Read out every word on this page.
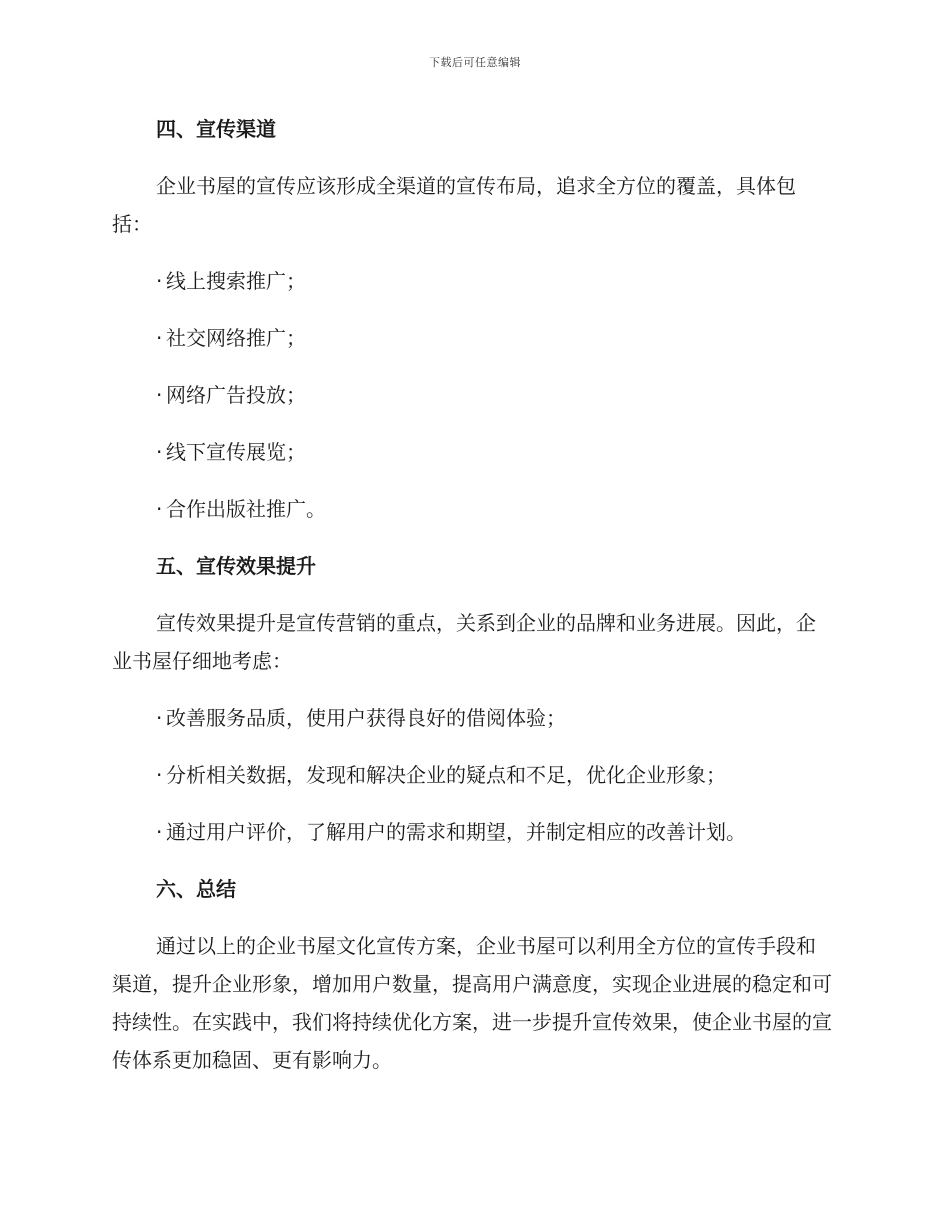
下载后可任意编辑
四、宣传渠道
企业书屋的宣传应该形成全渠道的宣传布局，追求全方位的覆盖，具体包括：
· 线上搜索推广；
· 社交网络推广；
· 网络广告投放；
· 线下宣传展览；
· 合作出版社推广。
五、宣传效果提升
宣传效果提升是宣传营销的重点，关系到企业的品牌和业务进展。因此，企业书屋仔细地考虑：
· 改善服务品质，使用户获得良好的借阅体验；
· 分析相关数据，发现和解决企业的疑点和不足，优化企业形象；
· 通过用户评价，了解用户的需求和期望，并制定相应的改善计划。
六、总结
通过以上的企业书屋文化宣传方案，企业书屋可以利用全方位的宣传手段和渠道，提升企业形象，增加用户数量，提高用户满意度，实现企业进展的稳定和可持续性。在实践中，我们将持续优化方案，进一步提升宣传效果，使企业书屋的宣传体系更加稳固、更有影响力。
